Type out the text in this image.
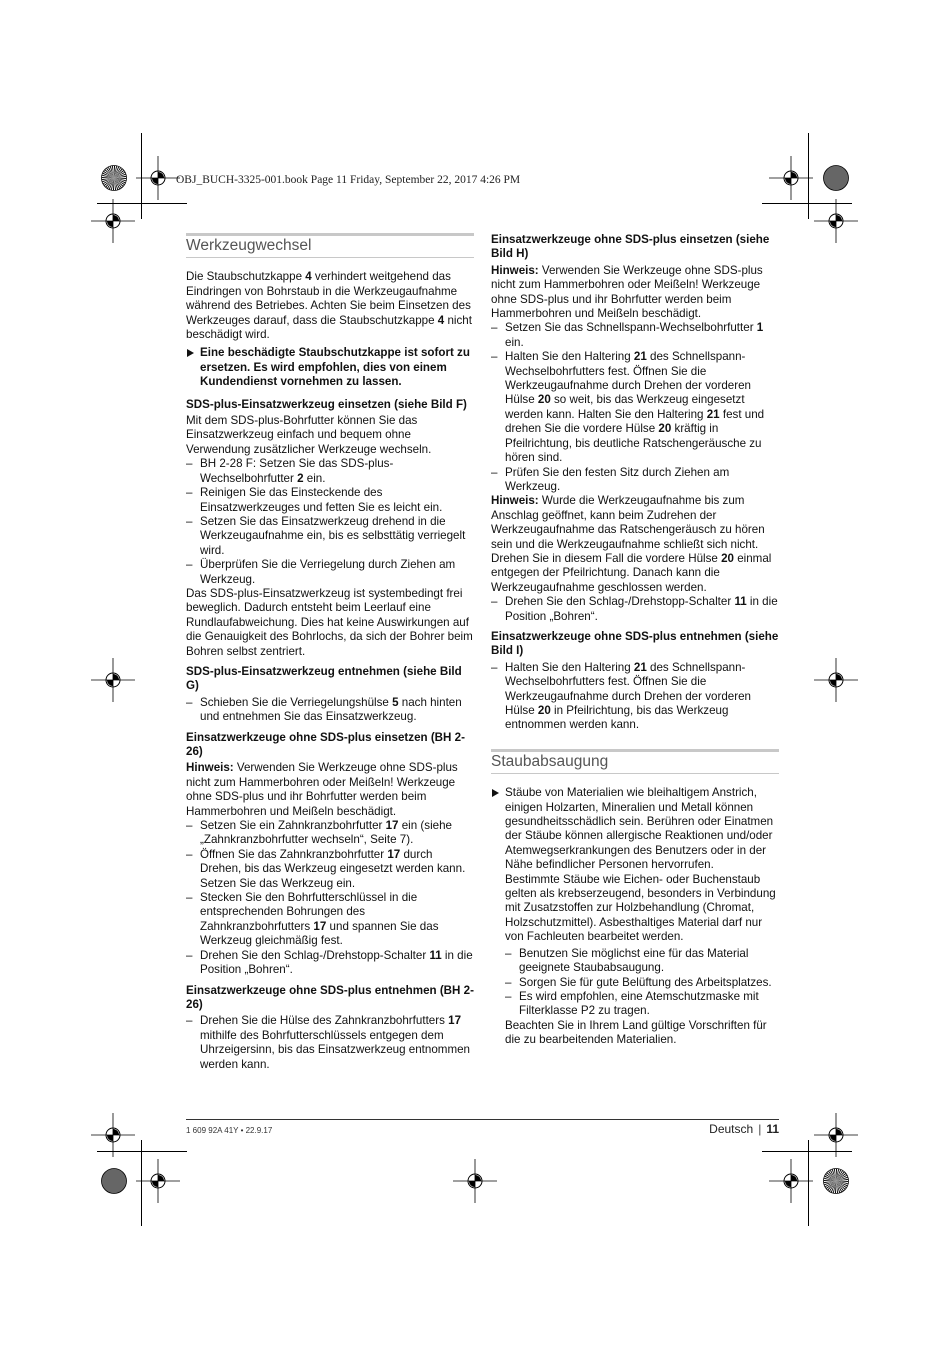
OBJ_BUCH-3325-001.book Page 11 Friday, September 22, 2017 4:26 PM
Werkzeugwechsel

Die Staubschutzkappe 4 verhindert weitgehend das Eindringen von Bohrstaub in die Werkzeugaufnahme während des Betriebes. Achten Sie beim Einsetzen des Werkzeuges darauf, dass die Staubschutzkappe 4 nicht beschädigt wird.

Eine beschädigte Staubschutzkappe ist sofort zu ersetzen. Es wird empfohlen, dies von einem Kundendienst vornehmen zu lassen.

SDS-plus-Einsatzwerkzeug einsetzen (siehe Bild F)

Mit dem SDS-plus-Bohrfutter können Sie das Einsatzwerkzeug einfach und bequem ohne Verwendung zusätzlicher Werkzeuge wechseln.

– BH 2-28 F: Setzen Sie das SDS-plus-Wechselbohrfutter 2 ein.
– Reinigen Sie das Einsteckende des Einsatzwerkzeuges und fetten Sie es leicht ein.
– Setzen Sie das Einsatzwerkzeug drehend in die Werkzeugaufnahme ein, bis es selbsttätig verriegelt wird.
– Überprüfen Sie die Verriegelung durch Ziehen am Werkzeug.

Das SDS-plus-Einsatzwerkzeug ist systembedingt frei beweglich. Dadurch entsteht beim Leerlauf eine Rundlaufabweichung. Dies hat keine Auswirkungen auf die Genauigkeit des Bohrlochs, da sich der Bohrer beim Bohren selbst zentriert.

SDS-plus-Einsatzwerkzeug entnehmen (siehe Bild G)

– Schieben Sie die Verriegelungshülse 5 nach hinten und entnehmen Sie das Einsatzwerkzeug.

Einsatzwerkzeuge ohne SDS-plus einsetzen (BH 2-26)

Hinweis: Verwenden Sie Werkzeuge ohne SDS-plus nicht zum Hammerbohren oder Meißeln! Werkzeuge ohne SDS-plus und ihr Bohrfutter werden beim Hammerbohren und Meißeln beschädigt.

– Setzen Sie ein Zahnkranzbohrfutter 17 ein (siehe „Zahnkranzbohrfutter wechseln“, Seite 7).
– Öffnen Sie das Zahnkranzbohrfutter 17 durch Drehen, bis das Werkzeug eingesetzt werden kann. Setzen Sie das Werkzeug ein.
– Stecken Sie den Bohrfutterschlüssel in die entsprechenden Bohrungen des Zahnkranzbohrfutters 17 und spannen Sie das Werkzeug gleichmäßig fest.
– Drehen Sie den Schlag-/Drehstopp-Schalter 11 in die Position „Bohren“.

Einsatzwerkzeuge ohne SDS-plus entnehmen (BH 2-26)

– Drehen Sie die Hülse des Zahnkranzbohrfutters 17 mithilfe des Bohrfutterschlüssels entgegen dem Uhrzeigersinn, bis das Einsatzwerkzeug entnommen werden kann.

Einsatzwerkzeuge ohne SDS-plus einsetzen (siehe Bild H)

Hinweis: Verwenden Sie Werkzeuge ohne SDS-plus nicht zum Hammerbohren oder Meißeln! Werkzeuge ohne SDS-plus und ihr Bohrfutter werden beim Hammerbohren und Meißeln beschädigt.

– Setzen Sie das Schnellspann-Wechselbohrfutter 1 ein.
– Halten Sie den Haltering 21 des Schnellspann-Wechselbohrfutters fest. Öffnen Sie die Werkzeugaufnahme durch Drehen der vorderen Hülse 20 so weit, bis das Werkzeug eingesetzt werden kann. Halten Sie den Haltering 21 fest und drehen Sie die vordere Hülse 20 kräftig in Pfeilrichtung, bis deutliche Ratschengeräusche zu hören sind.
– Prüfen Sie den festen Sitz durch Ziehen am Werkzeug.

Hinweis: Wurde die Werkzeugaufnahme bis zum Anschlag geöffnet, kann beim Zudrehen der Werkzeugaufnahme das Ratschengeräusch zu hören sein und die Werkzeugaufnahme schließt sich nicht.

Drehen Sie in diesem Fall die vordere Hülse 20 einmal entgegen der Pfeilrichtung. Danach kann die Werkzeugaufnahme geschlossen werden.

– Drehen Sie den Schlag-/Drehstopp-Schalter 11 in die Position „Bohren“.

Einsatzwerkzeuge ohne SDS-plus entnehmen (siehe Bild I)

– Halten Sie den Haltering 21 des Schnellspann-Wechselbohrfutters fest. Öffnen Sie die Werkzeugaufnahme durch Drehen der vorderen Hülse 20 in Pfeilrichtung, bis das Werkzeug entnommen werden kann.
Staubabsaugung

Stäube von Materialien wie bleihaltigem Anstrich, einigen Holzarten, Mineralien und Metall können gesundheitsschädlich sein. Berühren oder Einatmen der Stäube können allergische Reaktionen und/oder Atemwegserkrankungen des Benutzers oder in der Nähe befindlicher Personen hervorrufen.

Bestimmte Stäube wie Eichen- oder Buchenstaub gelten als krebserzeugend, besonders in Verbindung mit Zusatzstoffen zur Holzbehandlung (Chromat, Holzschutzmittel). Asbesthaltiges Material darf nur von Fachleuten bearbeitet werden.

– Benutzen Sie möglichst eine für das Material geeignete Staubabsaugung.
– Sorgen Sie für gute Belüftung des Arbeitsplatzes.
– Es wird empfohlen, eine Atemschutzmaske mit Filterklasse P2 zu tragen.

Beachten Sie in Ihrem Land gültige Vorschriften für die zu bearbeitenden Materialien.

1 609 92A 41Y • 22.9.17	Deutsch | 11
